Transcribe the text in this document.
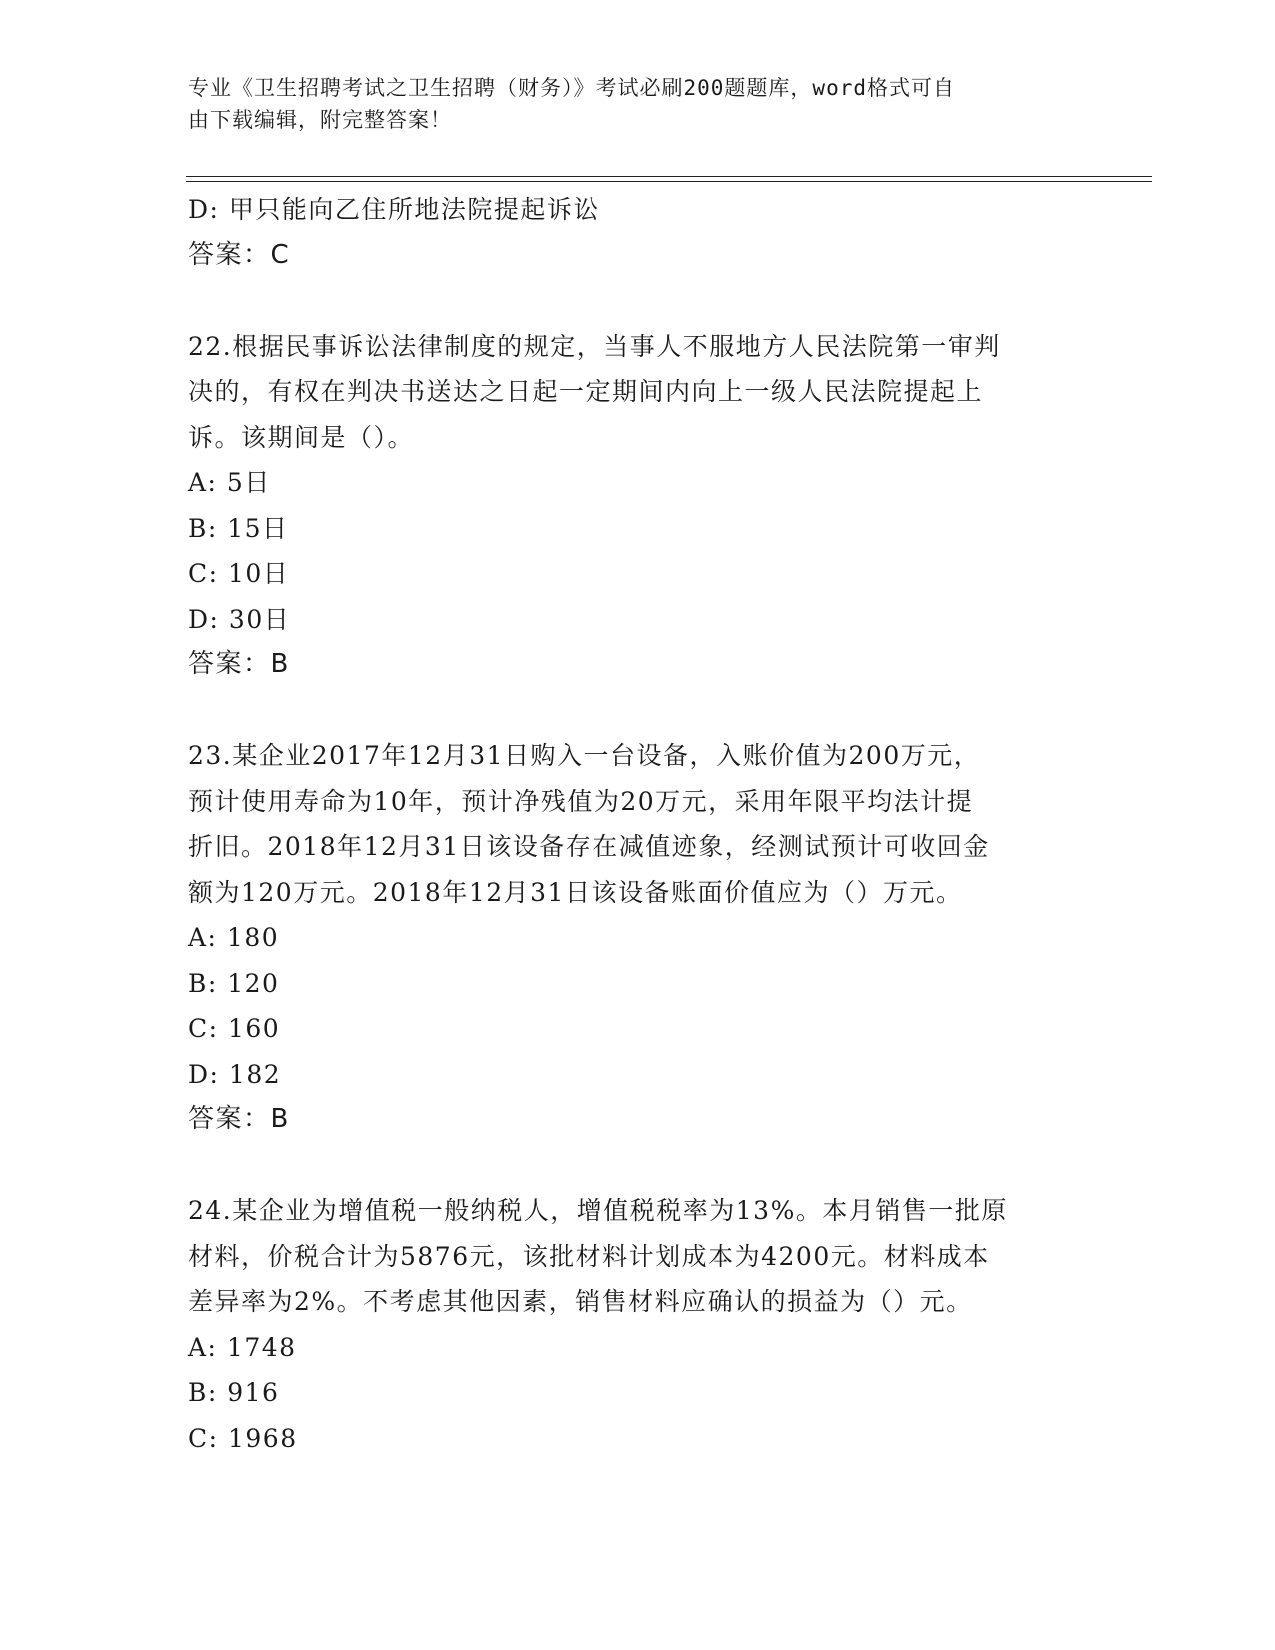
专业《卫生招聘考试之卫生招聘（财务）》考试必刷200题题库，word格式可自
由下载编辑，附完整答案！
D: 甲只能向乙住所地法院提起诉讼
答案：C
22.根据民事诉讼法律制度的规定，当事人不服地方人民法院第一审判
决的，有权在判决书送达之日起一定期间内向上一级人民法院提起上
诉。该期间是（）。
A: 5日
B: 15日
C: 10日
D: 30日
答案：B
23.某企业2017年12月31日购入一台设备，入账价值为200万元，
预计使用寿命为10年，预计净残值为20万元，采用年限平均法计提
折旧。2018年12月31日该设备存在减值迹象，经测试预计可收回金
额为120万元。2018年12月31日该设备账面价值应为（）万元。
A: 180
B: 120
C: 160
D: 182
答案：B
24.某企业为增值税一般纳税人，增值税税率为13%。本月销售一批原
材料，价税合计为5876元，该批材料计划成本为4200元。材料成本
差异率为2%。不考虑其他因素，销售材料应确认的损益为（）元。
A: 1748
B: 916
C: 1968
